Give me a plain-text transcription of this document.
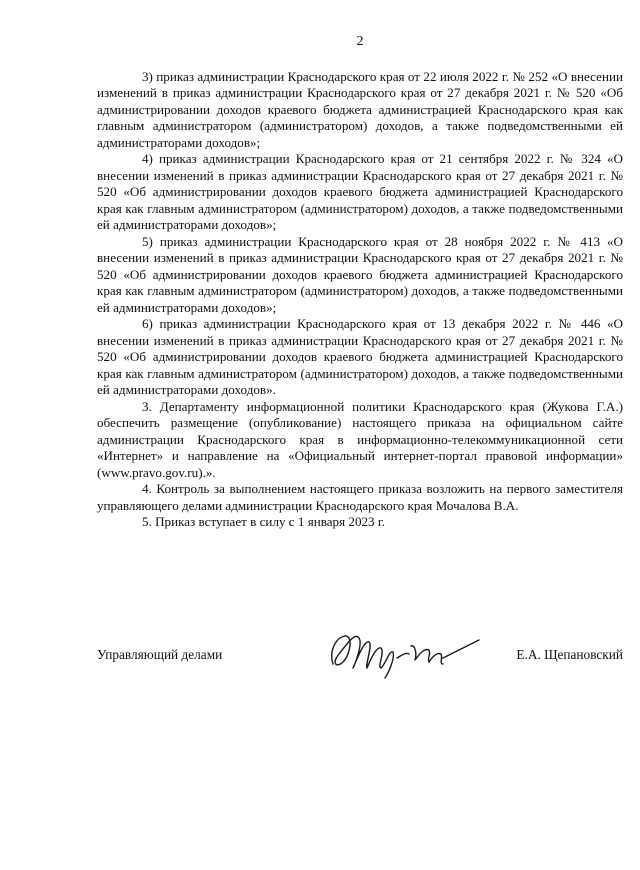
2

3) приказ администрации Краснодарского края от 22 июля 2022 г. № 252 «О внесении изменений в приказ администрации Краснодарского края от 27 декабря 2021 г. № 520 «Об администрировании доходов краевого бюджета администрацией Краснодарского края как главным администратором (администратором) доходов, а также подведомственными ей администраторами доходов»;

4) приказ администрации Краснодарского края от 21 сентября 2022 г. № 324 «О внесении изменений в приказ администрации Краснодарского края от 27 декабря 2021 г. № 520 «Об администрировании доходов краевого бюджета администрацией Краснодарского края как главным администратором (администратором) доходов, а также подведомственными ей администраторами доходов»;

5) приказ администрации Краснодарского края от 28 ноября 2022 г. № 413 «О внесении изменений в приказ администрации Краснодарского края от 27 декабря 2021 г. № 520 «Об администрировании доходов краевого бюджета администрацией Краснодарского края как главным администратором (администратором) доходов, а также подведомственными ей администраторами доходов»;

6) приказ администрации Краснодарского края от 13 декабря 2022 г. № 446 «О внесении изменений в приказ администрации Краснодарского края от 27 декабря 2021 г. № 520 «Об администрировании доходов краевого бюджета администрацией Краснодарского края как главным администратором (администратором) доходов, а также подведомственными ей администраторами доходов».

3. Департаменту информационной политики Краснодарского края (Жукова Г.А.) обеспечить размещение (опубликование) настоящего приказа на официальном сайте администрации Краснодарского края в информационно-телекоммуникационной сети «Интернет» и направление на «Официальный интернет-портал правовой информации» (www.pravo.gov.ru).».

4. Контроль за выполнением настоящего приказа возложить на первого заместителя управляющего делами администрации Краснодарского края Мочалова В.А.

5. Приказ вступает в силу с 1 января 2023 г.

Управляющий делами	Е.А. Щепановский
